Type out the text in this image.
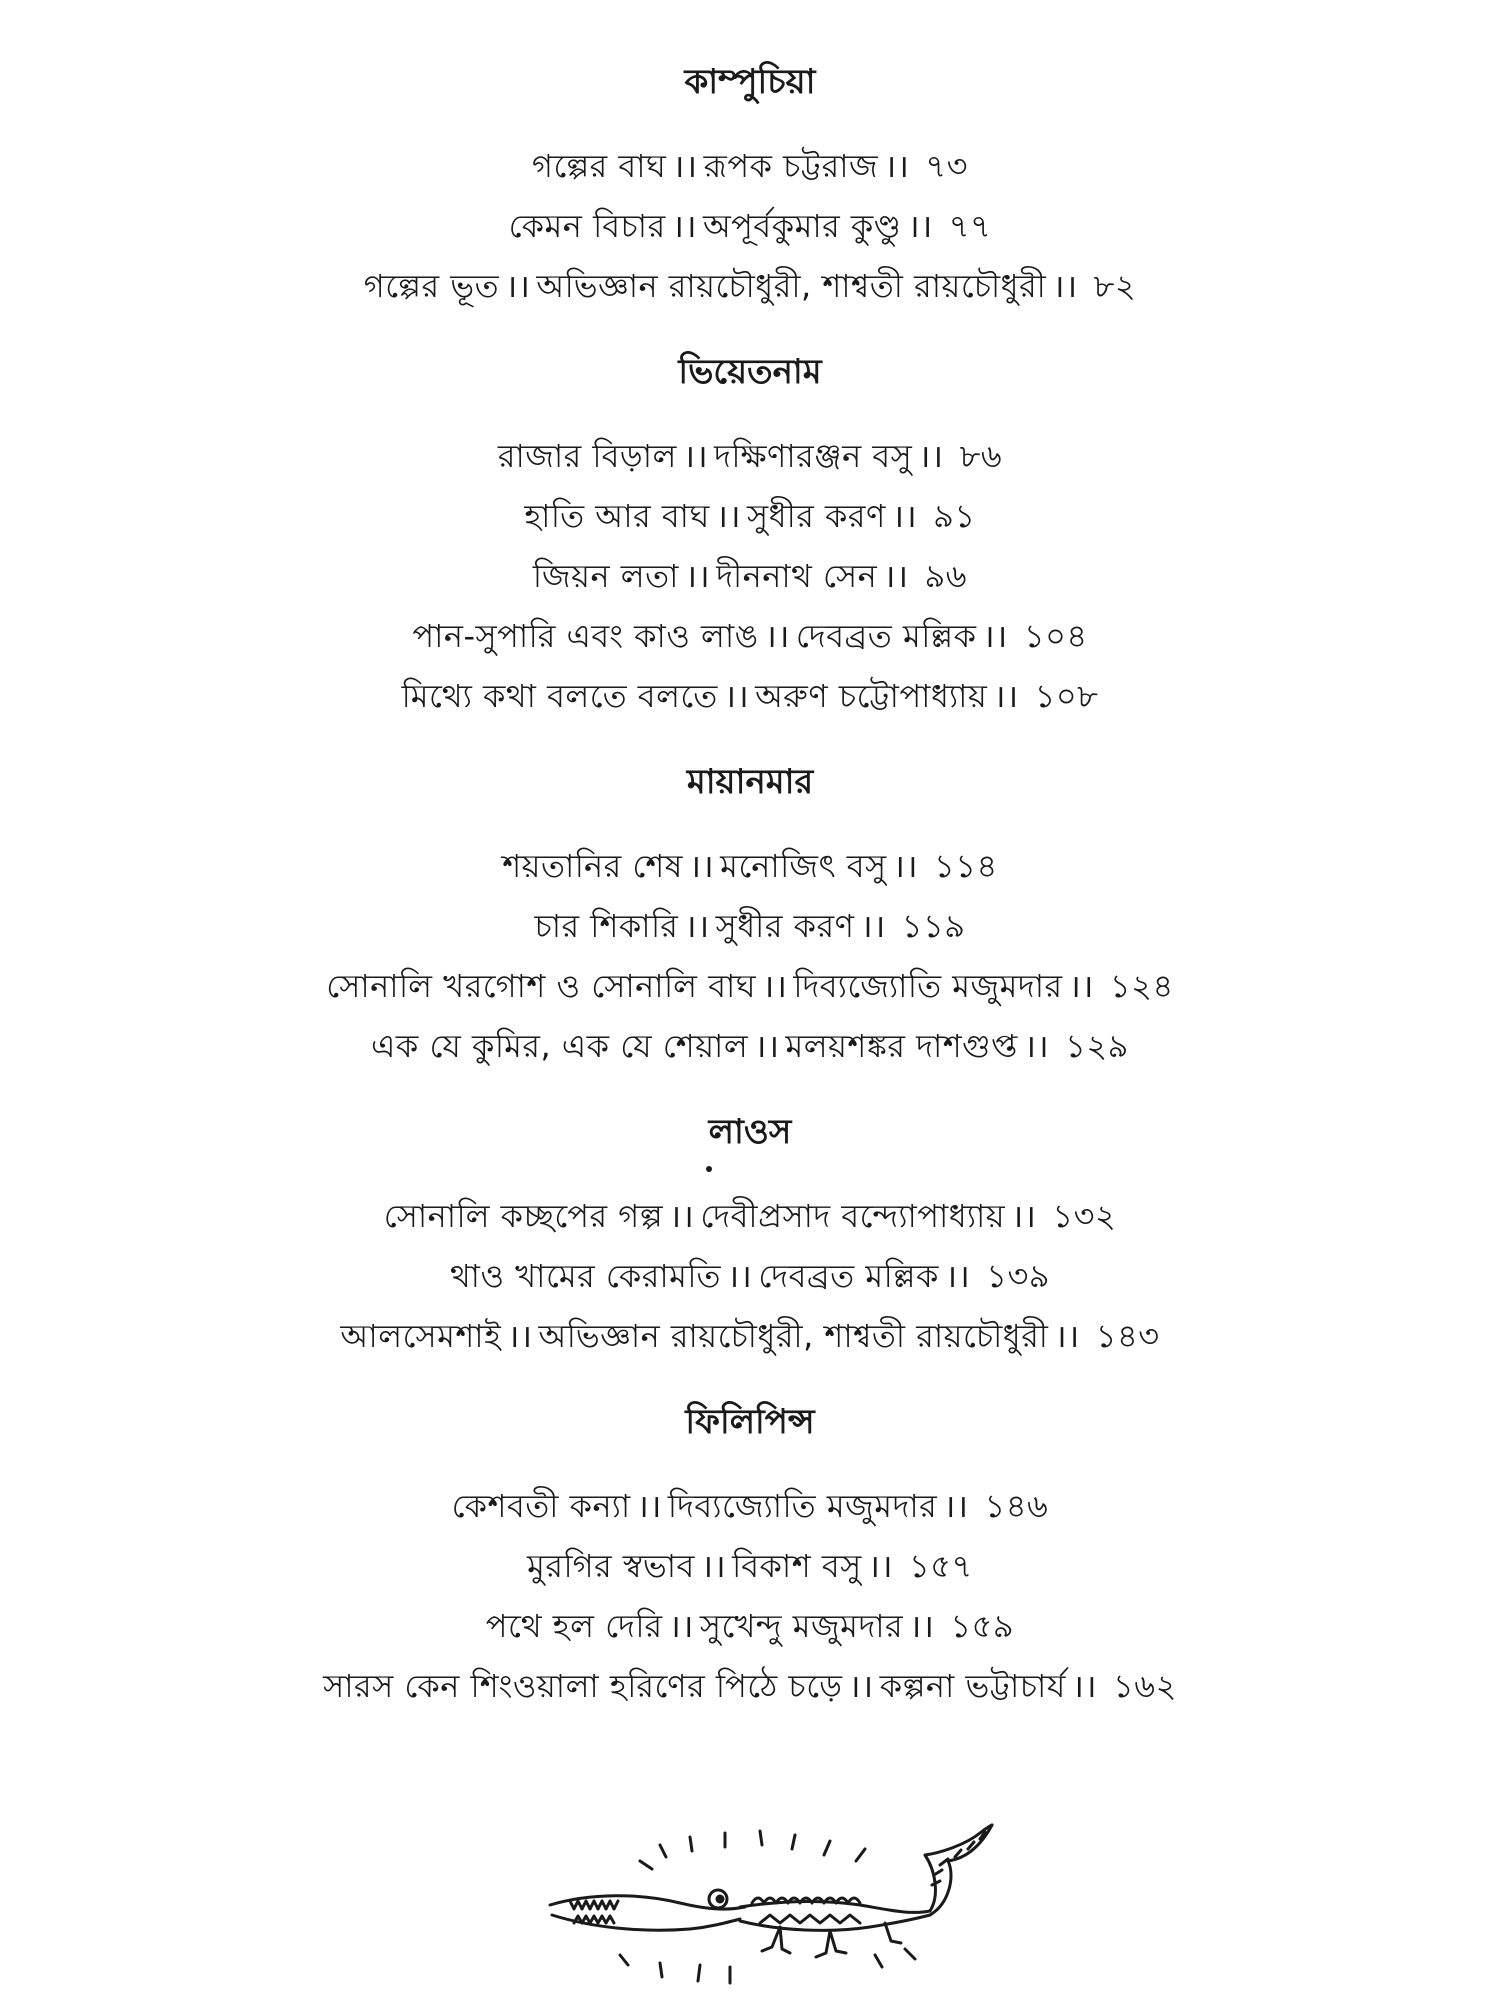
কাম্পুচিয়া
গল্পের বাঘ ।। রূপক চট্টরাজ ।। ৭৩
কেমন বিচার ।। অপূর্বকুমার কুণ্ডু ।। ৭৭
গল্পের ভূত ।। অভিজ্ঞান রায়চৌধুরী, শাশ্বতী রায়চৌধুরী ।। ৮২
ভিয়েতনাম
রাজার বিড়াল ।। দক্ষিণারঞ্জন বসু ।। ৮৬
হাতি আর বাঘ ।। সুধীর করণ ।। ৯১
জিয়ন লতা ।। দীননাথ সেন ।। ৯৬
পান-সুপারি এবং কাও লাঙ ।। দেবব্রত মল্লিক ।। ১০৪
মিথ্যে কথা বলতে বলতে ।। অরুণ চট্টোপাধ্যায় ।। ১০৮
মায়ানমার
শয়তানির শেষ ।। মনোজিৎ বসু ।। ১১৪
চার শিকারি ।। সুধীর করণ ।। ১১৯
সোনালি খরগোশ ও সোনালি বাঘ ।। দিব্যজ্যোতি মজুমদার ।। ১২৪
এক যে কুমির, এক যে শেয়াল ।। মলয়শঙ্কর দাশগুপ্ত ।। ১২৯
লাওস
সোনালি কচ্ছপের গল্প ।। দেবীপ্রসাদ বন্দ্যোপাধ্যায় ।। ১৩২
থাও খামের কেরামতি ।। দেবব্রত মল্লিক ।। ১৩৯
আলসেমশাই ।। অভিজ্ঞান রায়চৌধুরী, শাশ্বতী রায়চৌধুরী ।। ১৪৩
ফিলিপিন্স
কেশবতী কন্যা ।। দিব্যজ্যোতি মজুমদার ।। ১৪৬
মুরগির স্বভাব ।। বিকাশ বসু ।। ১৫৭
পথে হল দেরি ।। সুখেন্দু মজুমদার ।। ১৫৯
সারস কেন শিংওয়ালা হরিণের পিঠে চড়ে ।। কল্পনা ভট্টাচার্য ।। ১৬২
